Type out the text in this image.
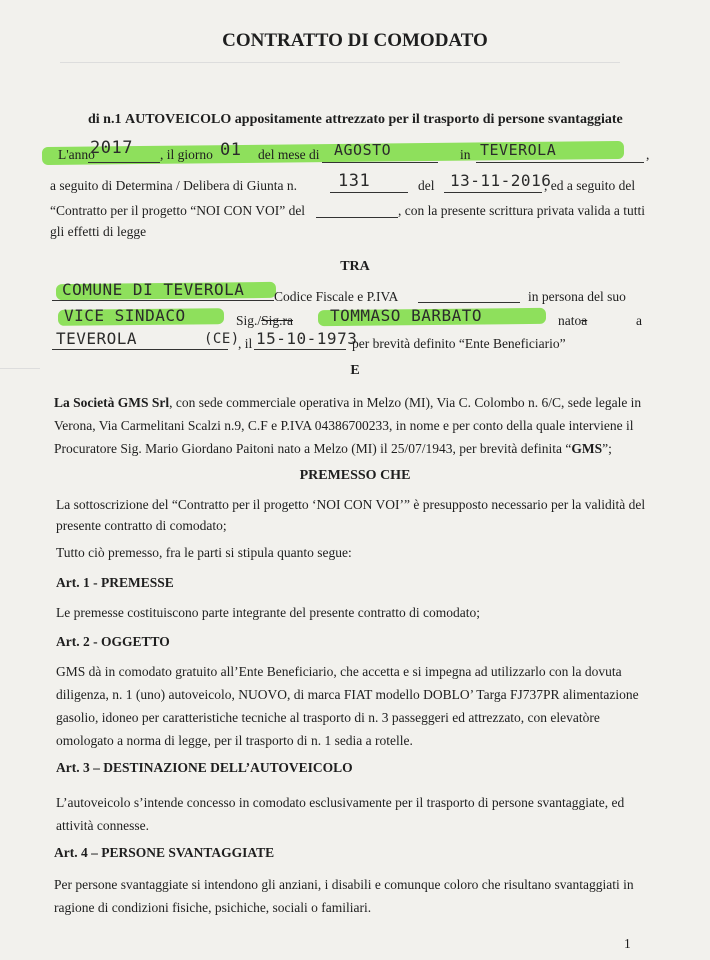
CONTRATTO DI COMODATO
di n.1 AUTOVEICOLO appositamente attrezzato per il trasporto di persone svantaggiate
L'anno
2017 , il giorno 01 del mese di AGOSTO	in TEVEROLA	,
a seguito di Determina / Delibera di Giunta n. 131	del 13-11-2016
, ed a seguito del
“Contratto per il progetto “NOI CON VOI” del	, con la presente scrittura privata valida a tutti
gli effetti di legge
TRA
COMUNE DI TEVEROLA Codice Fiscale e P.IVA	in persona del suo
VICE SINDACO	Sig./Sig.ra TOMMASO BARBATO	natoa	a
TEVEROLA	(CE)
, il 15-10-1973
per brevità definito “Ente Beneficiario”
E
La Società GMS Srl, con sede commerciale operativa in Melzo (MI), Via C. Colombo n. 6/C, sede legale in
Verona, Via Carmelitani Scalzi n.9, C.F e P.IVA 04386700233, in nome e per conto della quale interviene il
Procuratore Sig. Mario Giordano Paitoni nato a Melzo (MI) il 25/07/1943, per brevità definita “GMS”;
PREMESSO CHE
La sottoscrizione del “Contratto per il progetto ‘NOI CON VOI’” è presupposto necessario per la validità del
presente contratto di comodato;
Tutto ciò premesso, fra le parti si stipula quanto segue:
Art. 1 - PREMESSE
Le premesse costituiscono parte integrante del presente contratto di comodato;
Art. 2 - OGGETTO
GMS dà in comodato gratuito all’Ente Beneficiario, che accetta e si impegna ad utilizzarlo con la dovuta
diligenza, n. 1 (uno) autoveicolo, NUOVO, di marca FIAT modello DOBLO’ Targa FJ737PR alimentazione
gasolio, idoneo per caratteristiche tecniche al trasporto di n. 3 passeggeri ed attrezzato, con elevatòre
omologato a norma di legge, per il trasporto di n. 1 sedia a rotelle.
Art. 3 – DESTINAZIONE DELL’AUTOVEICOLO
L’autoveicolo s’intende concesso in comodato esclusivamente per il trasporto di persone svantaggiate, ed
attività connesse.
Art. 4 – PERSONE SVANTAGGIATE
Per persone svantaggiate si intendono gli anziani, i disabili e comunque coloro che risultano svantaggiati in
ragione di condizioni fisiche, psichiche, sociali o familiari.
1
